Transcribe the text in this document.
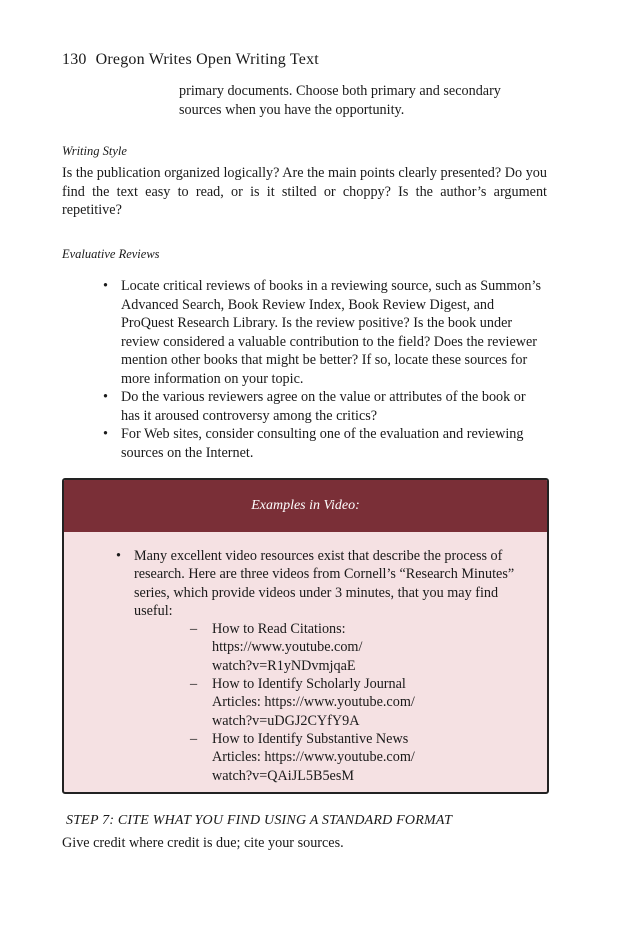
130 Oregon Writes Open Writing Text
primary documents. Choose both primary and secondary sources when you have the opportunity.
Writing Style
Is the publication organized logically? Are the main points clearly presented? Do you find the text easy to read, or is it stilted or choppy? Is the author’s argument repetitive?
Evaluative Reviews
• Locate critical reviews of books in a reviewing source, such as Summon’s Advanced Search, Book Review Index, Book Review Digest, and ProQuest Research Library. Is the review positive? Is the book under review considered a valuable contribution to the field? Does the reviewer mention other books that might be better? If so, locate these sources for more information on your topic.
• Do the various reviewers agree on the value or attributes of the book or has it aroused controversy among the critics?
• For Web sites, consider consulting one of the evaluation and reviewing sources on the Internet.
Examples in Video:
• Many excellent video resources exist that describe the process of research. Here are three videos from Cornell’s “Research Minutes” series, which provide videos under 3 minutes, that you may find useful:
– How to Read Citations: https://www.youtube.com/
watch?v=R1yNDvmjqaE
– How to Identify Scholarly Journal
Articles: https://www.youtube.com/
watch?v=uDGJ2CYfY9A
– How to Identify Substantive News
Articles: https://www.youtube.com/
watch?v=QAiJL5B5esM
STEP 7: CITE WHAT YOU FIND USING A STANDARD FORMAT
Give credit where credit is due; cite your sources.
